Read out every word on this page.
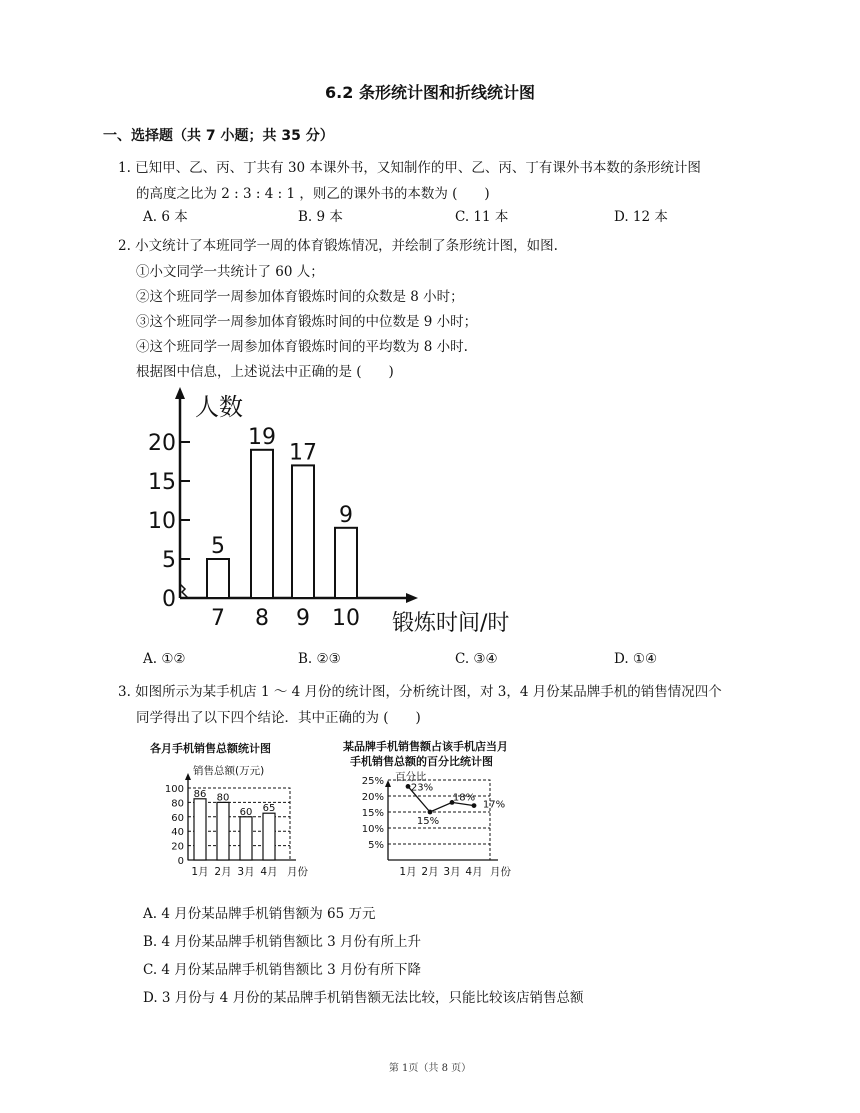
6.2 条形统计图和折线统计图
一、选择题（共 7 小题；共 35 分）
1. 已知甲、乙、丙、丁共有 30 本课外书，又知制作的甲、乙、丙、丁有课外书本数的条形统计图
的高度之比为 2 : 3 : 4 : 1 ，则乙的课外书的本数为 (　　)
A. 6 本	B. 9 本	C. 11 本	D. 12 本
2. 小文统计了本班同学一周的体育锻炼情况，并绘制了条形统计图，如图.
①小文同学一共统计了 60 人；
②这个班同学一周参加体育锻炼时间的众数是 8 小时；
③这个班同学一周参加体育锻炼时间的中位数是 9 小时；
④这个班同学一周参加体育锻炼时间的平均数为 8 小时.
根据图中信息，上述说法中正确的是 (　　)
人数
锻炼时间/时
0
5
10
15
20
5
7
19
8
17
9
9
10
A. ①②	B. ②③	C. ③④	D. ①④
3. 如图所示为某手机店 1 ～ 4 月份的统计图，分析统计图，对 3，4 月份某品牌手机的销售情况四个
同学得出了以下四个结论．其中正确的为 (　　)
各月手机销售总额统计图
销售总额(万元)
月份
0
20
40
60
80
100 86
1月
80
2月
60
3月
65
4月
某品牌手机销售额占该手机店当月
手机销售总额的百分比统计图
百分比
月份
5%
10%
15%
20%
25%
23%
1月
15%
2月
18%
3月
17%
4月
A. 4 月份某品牌手机销售额为 65 万元
B. 4 月份某品牌手机销售额比 3 月份有所上升
C. 4 月份某品牌手机销售额比 3 月份有所下降
D. 3 月份与 4 月份的某品牌手机销售额无法比较，只能比较该店销售总额
第 1页（共 8 页）
